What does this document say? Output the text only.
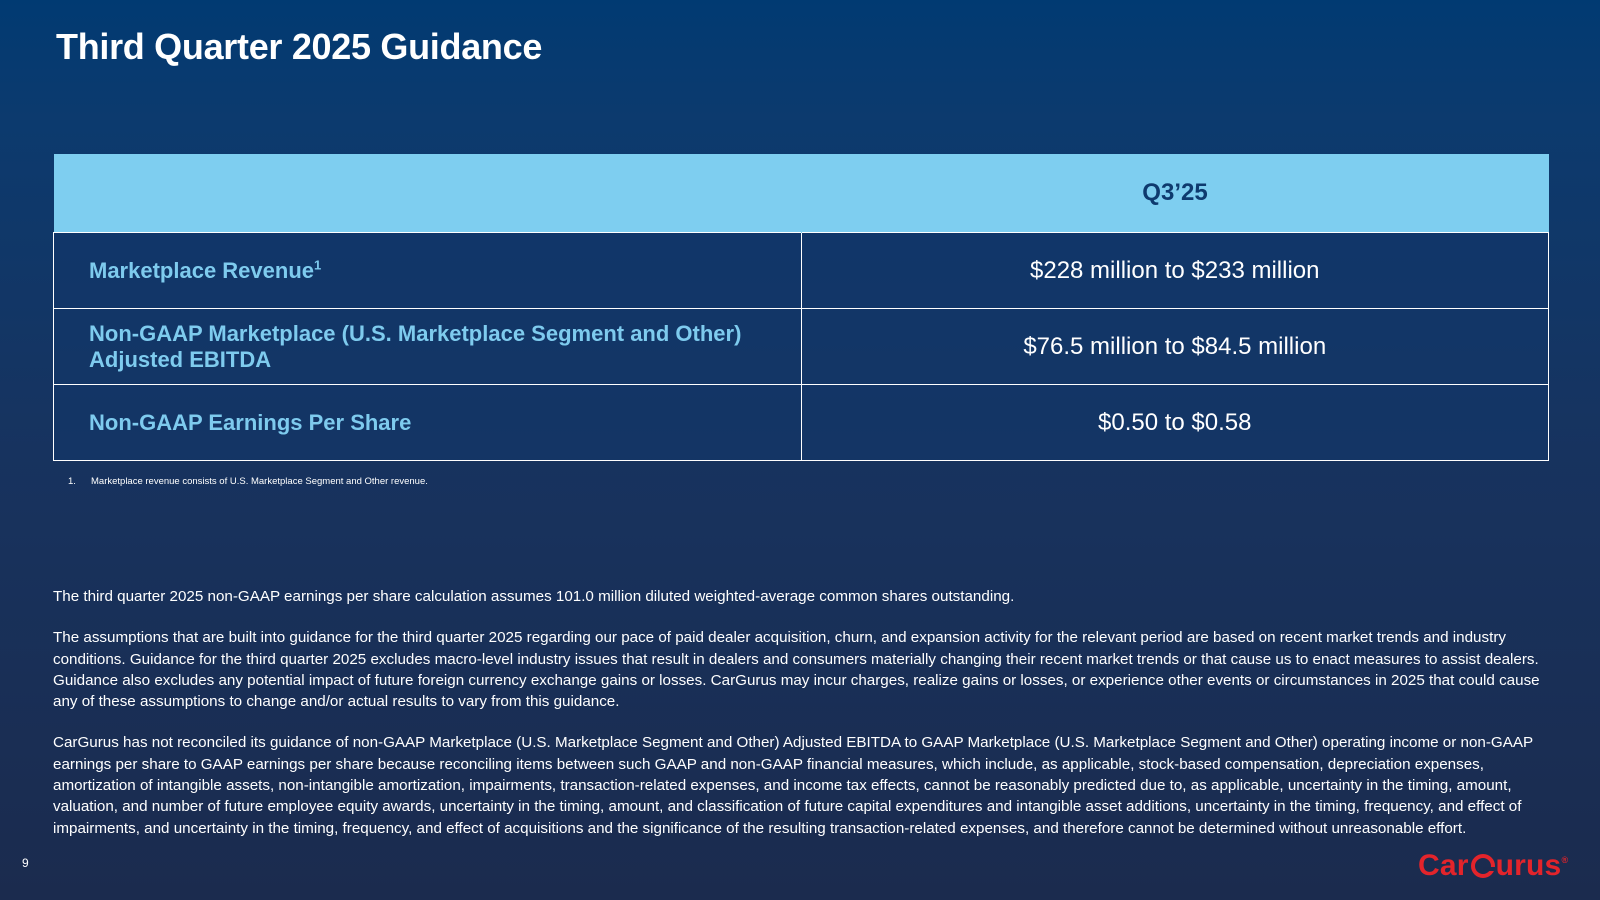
Third Quarter 2025 Guidance
	Q3’25
Marketplace Revenue$^1$	$228 million to $233 million
Non-GAAP Marketplace (U.S. Marketplace Segment and Other) Adjusted EBITDA	$76.5 million to $84.5 million
Non-GAAP Earnings Per Share	$0.50 to $0.58
1. Marketplace revenue consists of U.S. Marketplace Segment and Other revenue.

The third quarter 2025 non-GAAP earnings per share calculation assumes 101.0 million diluted weighted-average common shares outstanding.

The assumptions that are built into guidance for the third quarter 2025 regarding our pace of paid dealer acquisition, churn, and expansion activity for the relevant period are based on recent market trends and industry conditions. Guidance for the third quarter 2025 excludes macro-level industry issues that result in dealers and consumers materially changing their recent market trends or that cause us to enact measures to assist dealers. Guidance also excludes any potential impact of future foreign currency exchange gains or losses. CarGurus may incur charges, realize gains or losses, or experience other events or circumstances in 2025 that could cause any of these assumptions to change and/or actual results to vary from this guidance.

CarGurus has not reconciled its guidance of non-GAAP Marketplace (U.S. Marketplace Segment and Other) Adjusted EBITDA to GAAP Marketplace (U.S. Marketplace Segment and Other) operating income or non-GAAP earnings per share to GAAP earnings per share because reconciling items between such GAAP and non-GAAP financial measures, which include, as applicable, stock-based compensation, depreciation expenses, amortization of intangible assets, non-intangible amortization, impairments, transaction-related expenses, and income tax effects, cannot be reasonably predicted due to, as applicable, uncertainty in the timing, amount, valuation, and number of future employee equity awards, uncertainty in the timing, amount, and classification of future capital expenditures and intangible asset additions, uncertainty in the timing, frequency, and effect of impairments, and uncertainty in the timing, frequency, and effect of acquisitions and the significance of the resulting transaction-related expenses, and therefore cannot be determined without unreasonable effort.

9	Car urus ®
